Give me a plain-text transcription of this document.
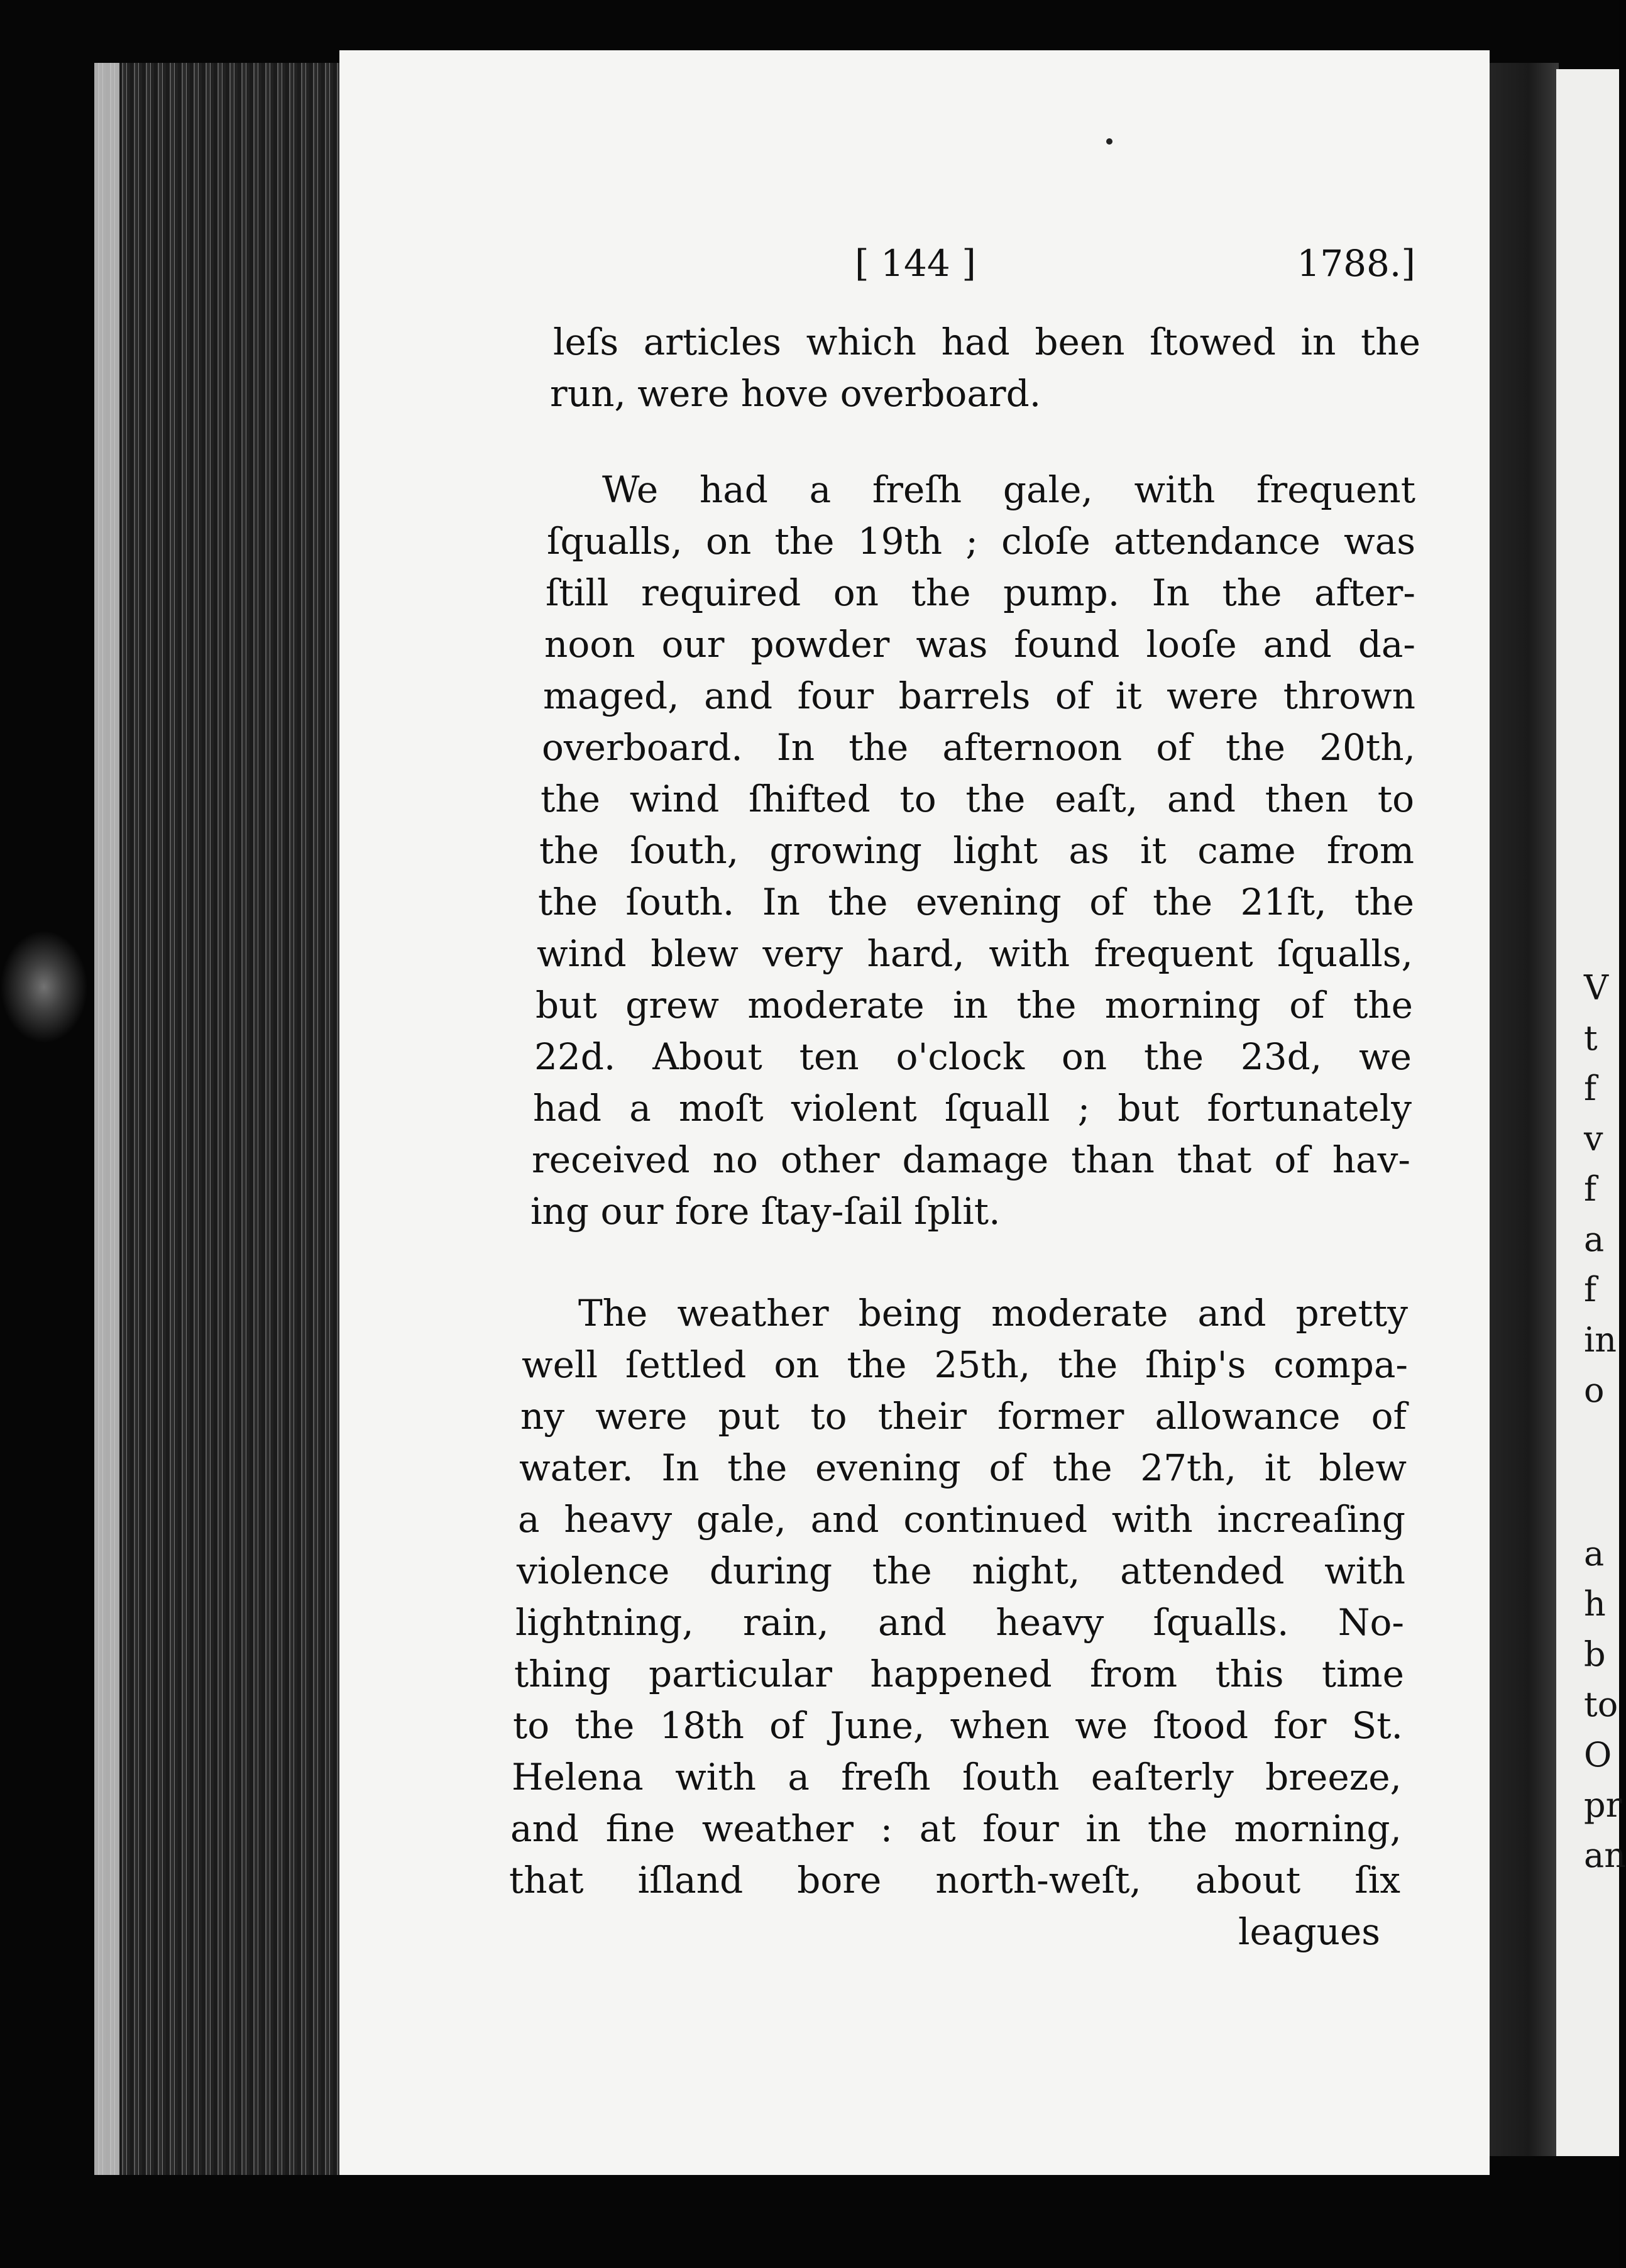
V
t
f
v
f
a
f
in
o
a
h
b
to
O
pr
an
[ 144 ]	1788.]
leſs articles which had been ſtowed in the
run, were hove overboard.
We had a freſh gale, with frequent
ſqualls, on the 19th ; cloſe attendance was
ſtill required on the pump. In the after-
noon our powder was found looſe and da-
maged, and four barrels of it were thrown
overboard. In the afternoon of the 20th,
the wind ſhifted to the eaſt, and then to
the ſouth, growing light as it came from
the ſouth. In the evening of the 21ſt, the
wind blew very hard, with frequent ſqualls,
but grew moderate in the morning of the
22d. About ten o'clock on the 23d, we
had a moſt violent ſquall ; but fortunately
received no other damage than that of hav-
ing our fore ſtay-ſail ſplit.
The weather being moderate and pretty
well ſettled on the 25th, the ſhip's compa-
ny were put to their former allowance of
water. In the evening of the 27th, it blew
a heavy gale, and continued with increaſing
violence during the night, attended with
lightning, rain, and heavy ſqualls. No-
thing particular happened from this time
to the 18th of June, when we ſtood for St.
Helena with a freſh ſouth eaſterly breeze,
and fine weather : at four in the morning,
that iſland bore north-weſt, about ſix
leagues
